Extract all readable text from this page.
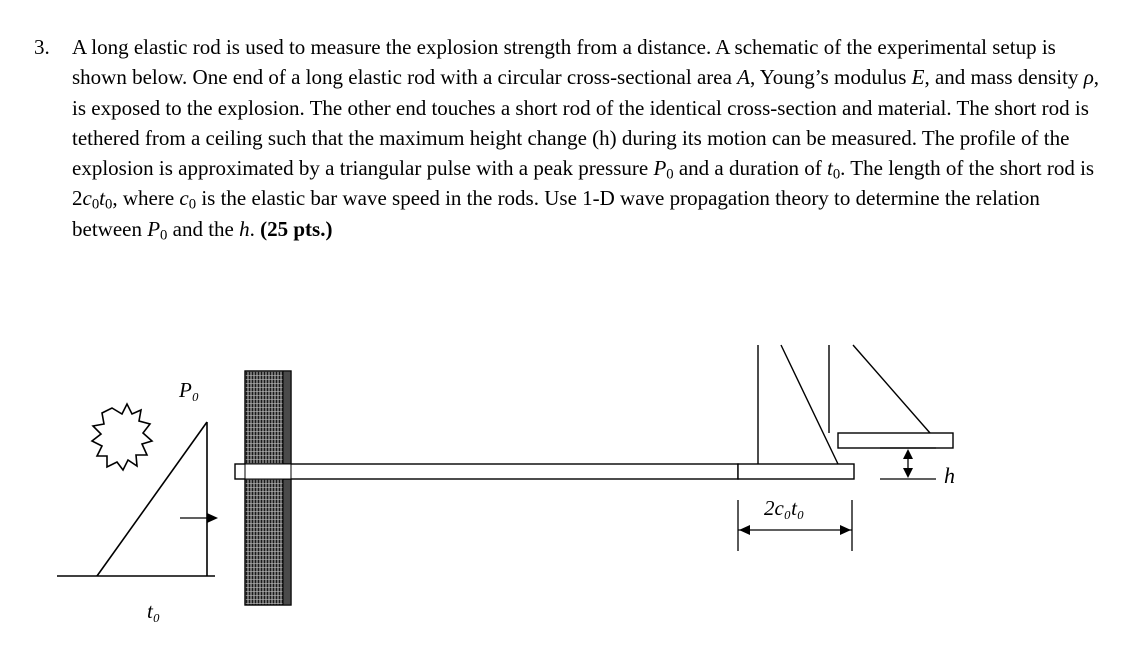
3. A long elastic rod is used to measure the explosion strength from a distance. A schematic of the experimental setup is shown below. One end of a long elastic rod with a circular cross-sectional area A, Young’s modulus E, and mass density ρ, is exposed to the explosion. The other end touches a short rod of the identical cross-section and material. The short rod is tethered from a ceiling such that the maximum height change (h) during its motion can be measured. The profile of the explosion is approximated by a triangular pulse with a peak pressure $P_0$ and a duration of $t_0$. The length of the short rod is $2c_0t_0$, where $c_0$ is the elastic bar wave speed in the rods. Use 1-D wave propagation theory to determine the relation between $P_0$ and the h. (25 pts.)
P₀
t₀
2c₀t₀
h
